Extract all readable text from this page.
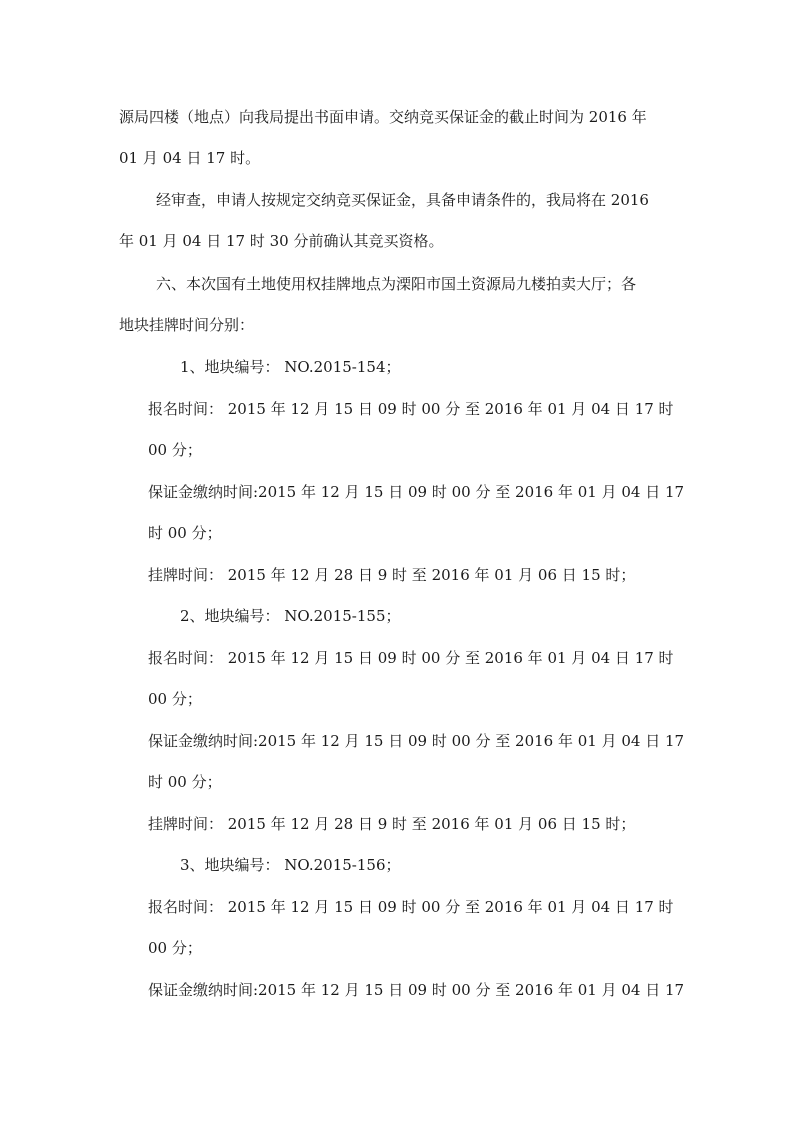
源局四楼（地点）向我局提出书面申请。交纳竞买保证金的截止时间为 2016 年
01 月 04 日 17 时。
经审查，申请人按规定交纳竞买保证金，具备申请条件的，我局将在 2016
年 01 月 04 日 17 时 30 分前确认其竞买资格。
六、本次国有土地使用权挂牌地点为溧阳市国土资源局九楼拍卖大厅；各
地块挂牌时间分别：
1、地块编号： NO.2015-154；
报名时间： 2015 年 12 月 15 日 09 时 00 分 至 2016 年 01 月 04 日 17 时
00 分；
保证金缴纳时间:2015 年 12 月 15 日 09 时 00 分 至 2016 年 01 月 04 日 17
时 00 分；
挂牌时间： 2015 年 12 月 28 日 9 时 至 2016 年 01 月 06 日 15 时；
2、地块编号： NO.2015-155；
报名时间： 2015 年 12 月 15 日 09 时 00 分 至 2016 年 01 月 04 日 17 时
00 分；
保证金缴纳时间:2015 年 12 月 15 日 09 时 00 分 至 2016 年 01 月 04 日 17
时 00 分；
挂牌时间： 2015 年 12 月 28 日 9 时 至 2016 年 01 月 06 日 15 时；
3、地块编号： NO.2015-156；
报名时间： 2015 年 12 月 15 日 09 时 00 分 至 2016 年 01 月 04 日 17 时
00 分；
保证金缴纳时间:2015 年 12 月 15 日 09 时 00 分 至 2016 年 01 月 04 日 17
